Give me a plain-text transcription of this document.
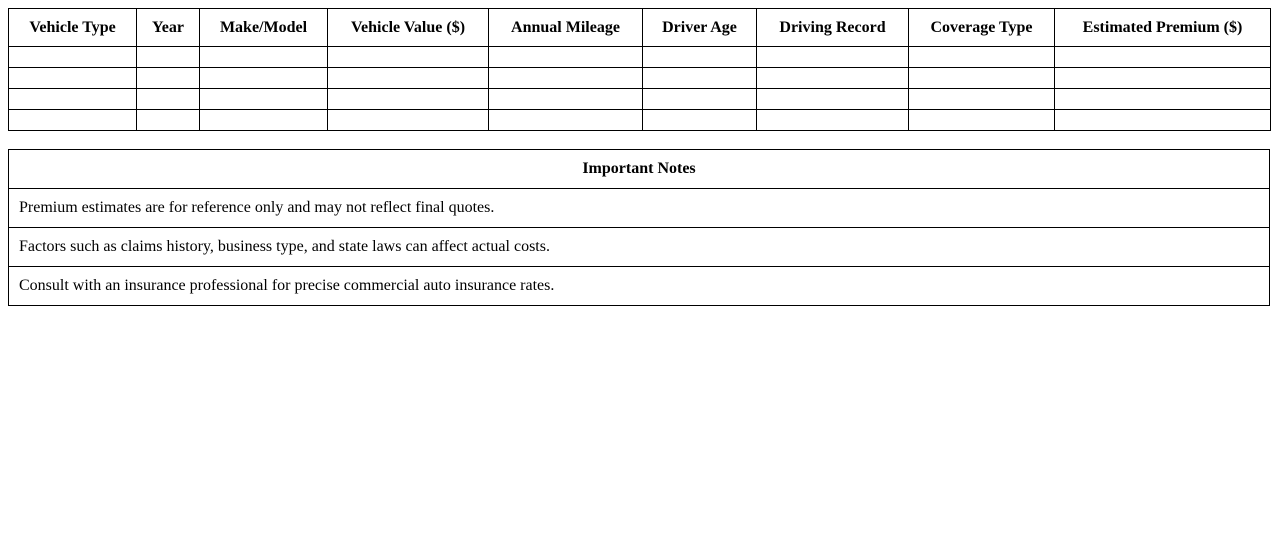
Vehicle Type	Year	Make/Model	Vehicle Value ($)	Annual Mileage	Driver Age	Driving Record	Coverage Type	Estimated Premium ($)

Important Notes
Premium estimates are for reference only and may not reflect final quotes.
Factors such as claims history, business type, and state laws can affect actual costs.
Consult with an insurance professional for precise commercial auto insurance rates.
